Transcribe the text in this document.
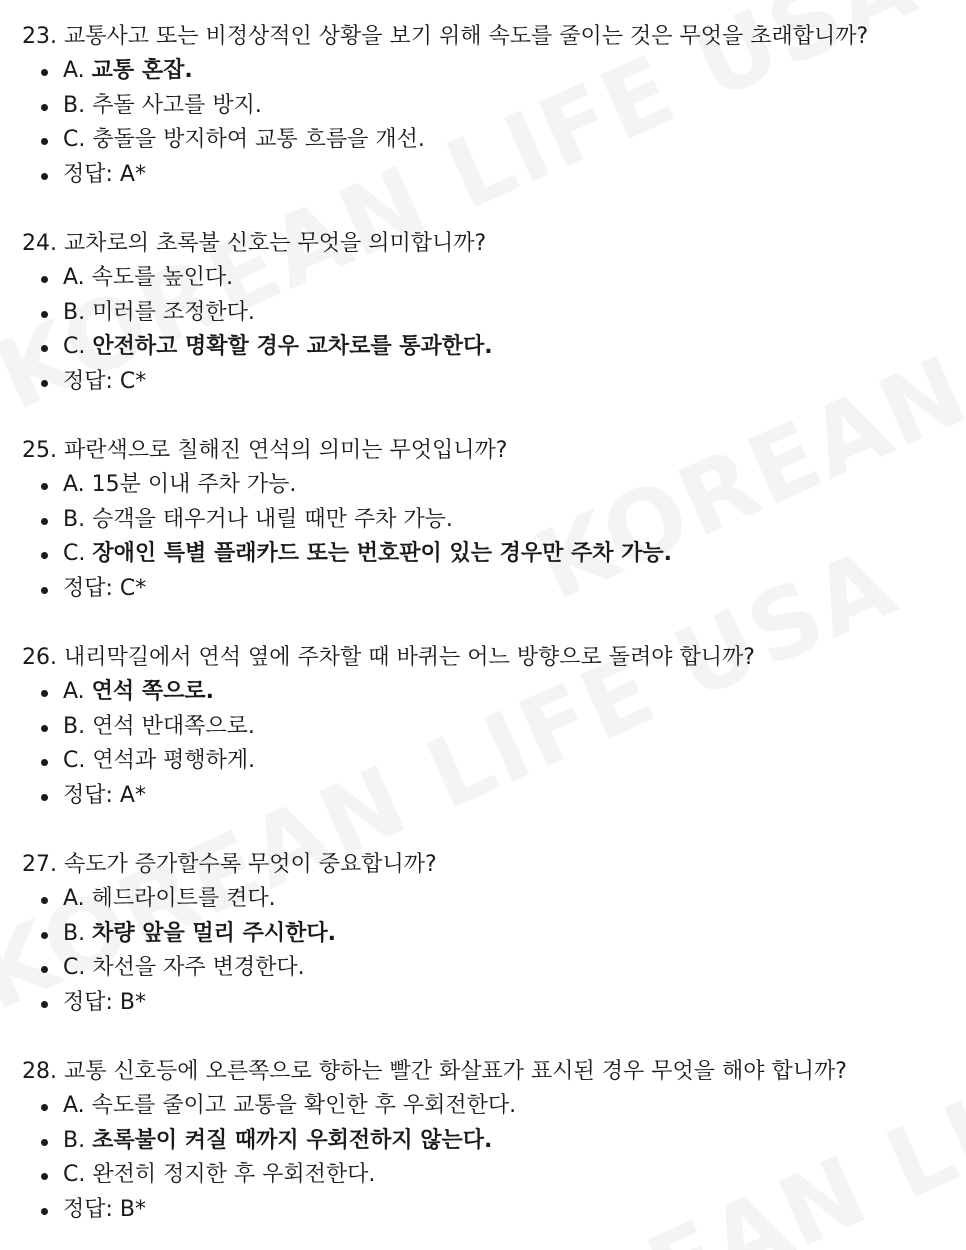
23. 교통사고 또는 비정상적인 상황을 보기 위해 속도를 줄이는 것은 무엇을 초래합니까?

A. 교통 혼잡.
B. 추돌 사고를 방지.
C. 충돌을 방지하여 교통 흐름을 개선.
정답: A*

24. 교차로의 초록불 신호는 무엇을 의미합니까?

A. 속도를 높인다.
B. 미러를 조정한다.
C. 안전하고 명확할 경우 교차로를 통과한다.
정답: C*

25. 파란색으로 칠해진 연석의 의미는 무엇입니까?

A. 15분 이내 주차 가능.
B. 승객을 태우거나 내릴 때만 주차 가능.
C. 장애인 특별 플래카드 또는 번호판이 있는 경우만 주차 가능.
정답: C*

26. 내리막길에서 연석 옆에 주차할 때 바퀴는 어느 방향으로 돌려야 합니까?

A. 연석 쪽으로.
B. 연석 반대쪽으로.
C. 연석과 평행하게.
정답: A*

27. 속도가 증가할수록 무엇이 중요합니까?

A. 헤드라이트를 켠다.
B. 차량 앞을 멀리 주시한다.
C. 차선을 자주 변경한다.
정답: B*

28. 교통 신호등에 오른쪽으로 향하는 빨간 화살표가 표시된 경우 무엇을 해야 합니까?

A. 속도를 줄이고 교통을 확인한 후 우회전한다.
B. 초록불이 켜질 때까지 우회전하지 않는다.
C. 완전히 정지한 후 우회전한다.
정답: B*
